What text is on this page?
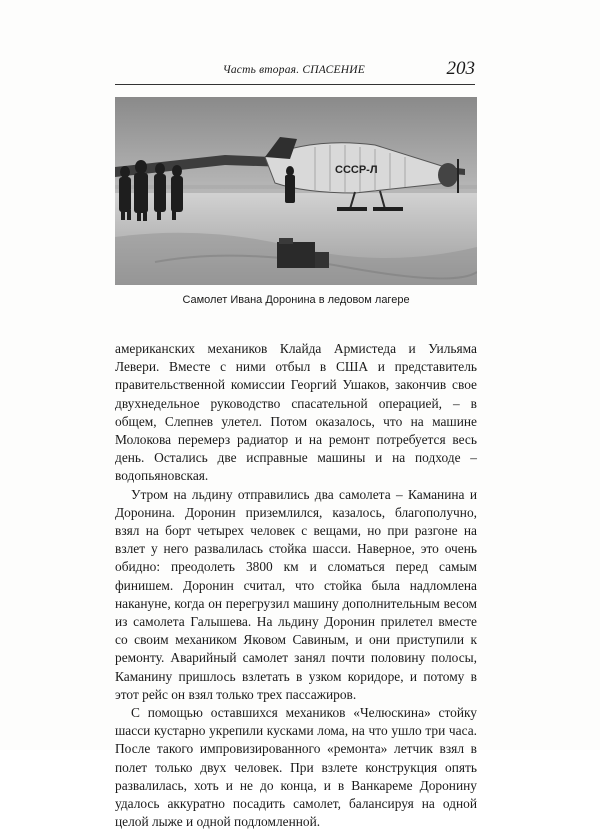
Часть вторая. СПАСЕНИЕ	203
СССР-Л
Самолет Ивана Доронина в ледовом лагере

американских механиков Клайда Армистеда и Уильяма Левери. Вместе с ними отбыл в США и представитель правительственной комиссии Георгий Ушаков, закончив свое двухнедельное руководство спасательной операцией, – в общем, Слепнев улетел. Потом оказалось, что на машине Молокова перемерз радиатор и на ремонт потребуется весь день. Остались две исправные машины и на подходе – водопьяновская.

Утром на льдину отправились два самолета – Каманина и Доронина. Доронин приземлился, казалось, благополучно, взял на борт четырех человек с вещами, но при разгоне на взлет у него развалилась стойка шасси. Наверное, это очень обидно: преодолеть 3800 км и сломаться перед самым финишем. Доронин считал, что стойка была надломлена накануне, когда он перегрузил машину дополнительным весом из самолета Галышева. На льдину Доронин прилетел вместе со своим механиком Яковом Савиным, и они приступили к ремонту. Аварийный самолет занял почти половину полосы, Каманину пришлось взлетать в узком коридоре, и потому в этот рейс он взял только трех пассажиров.

С помощью оставшихся механиков «Челюскина» стойку шасси кустарно укрепили кусками лома, на что ушло три часа. После такого импровизированного «ремонта» летчик взял в полет только двух человек. При взлете конструкция опять развалилась, хоть и не до конца, и в Ванкареме Доронину удалось аккуратно посадить самолет, балансируя на одной целой лыже и одной подломленной.
